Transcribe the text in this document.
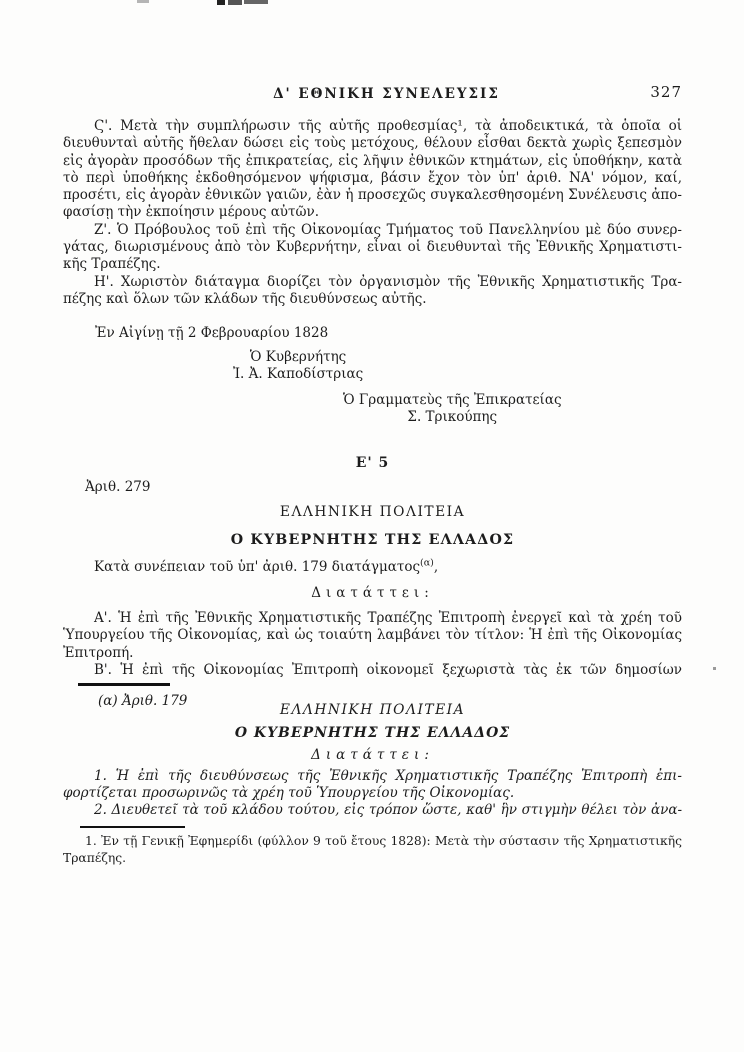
Δ' ΕΘΝΙΚΗ ΣΥΝΕΛΕΥΣΙΣ	327
Ϛ'. Μετὰ τὴν συμπλήρωσιν τῆς αὐτῆς προθεσμίας¹, τὰ ἀποδεικτικά, τὰ ὁποῖα οἱ
διευθυνταὶ αὐτῆς ἤθελαν δώσει εἰς τοὺς μετόχους, θέλουν εἶσθαι δεκτὰ χωρὶς ξεπεσμὸν
εἰς ἀγορὰν προσόδων τῆς ἐπικρατείας, εἰς λῆψιν ἐθνικῶν κτημάτων, εἰς ὑποθήκην, κατὰ
τὸ περὶ ὑποθήκης ἐκδοθησόμενον ψήφισμα, βάσιν ἔχον τὸν ὑπ' ἀριθ. ΝΑ' νόμον, καί,
προσέτι, εἰς ἀγορὰν ἐθνικῶν γαιῶν, ἐὰν ἡ προσεχῶς συγκαλεσθησομένη Συνέλευσις ἀπο-
φασίσῃ τὴν ἐκποίησιν μέρους αὐτῶν.
Ζ'. Ὁ Πρόβουλος τοῦ ἐπὶ τῆς Οἰκονομίας Τμήματος τοῦ Πανελληνίου μὲ δύο συνερ-
γάτας, διωρισμένους ἀπὸ τὸν Κυβερνήτην, εἶναι οἱ διευθυνταὶ τῆς Ἐθνικῆς Χρηματιστι-
κῆς Τραπέζης.
Η'. Χωριστὸν διάταγμα διορίζει τὸν ὀργανισμὸν τῆς Ἐθνικῆς Χρηματιστικῆς Τρα-
πέζης καὶ ὅλων τῶν κλάδων τῆς διευθύνσεως αὐτῆς.
Ἐν Αἰγίνῃ τῇ 2 Φεβρουαρίου 1828
Ὁ Κυβερνήτης
Ἰ. Ἀ. Καποδίστριας
Ὁ Γραμματεὺς τῆς Ἐπικρατείας
Σ. Τρικούπης
Ε' 5
Ἀριθ. 279
ΕΛΛΗΝΙΚΗ ΠΟΛΙΤΕΙΑ
Ο ΚΥΒΕΡΝΗΤΗΣ ΤΗΣ ΕΛΛΑΔΟΣ
Κατὰ συνέπειαν τοῦ ὑπ' ἀριθ. 179 διατάγματος$^{(\alpha)}$,
Διατάττει:
Α'. Ἡ ἐπὶ τῆς Ἐθνικῆς Χρηματιστικῆς Τραπέζης Ἐπιτροπὴ ἐνεργεῖ καὶ τὰ χρέη τοῦ
Ὑπουργείου τῆς Οἰκονομίας, καὶ ὡς τοιαύτη λαμβάνει τὸν τίτλον: Ἡ ἐπὶ τῆς Οἰκονομίας
Ἐπιτροπή.
Β'. Ἡ ἐπὶ τῆς Οἰκονομίας Ἐπιτροπὴ οἰκονομεῖ ξεχωριστὰ τὰς ἐκ τῶν δημοσίων
(α) Ἀριθ. 179
ΕΛΛΗΝΙΚΗ ΠΟΛΙΤΕΙΑ
Ο ΚΥΒΕΡΝΗΤΗΣ ΤΗΣ ΕΛΛΑΔΟΣ
Διατάττει:
1. Ἡ ἐπὶ τῆς διευθύνσεως τῆς Ἐθνικῆς Χρηματιστικῆς Τραπέζης Ἐπιτροπὴ ἐπι-
φορτίζεται προσωρινῶς τὰ χρέη τοῦ Ὑπουργείου τῆς Οἰκονομίας.
2. Διευθετεῖ τὰ τοῦ κλάδου τούτου, εἰς τρόπον ὥστε, καθ' ἣν στιγμὴν θέλει τὸν ἀνα-
1. Ἐν τῇ Γενικῇ Ἐφημερίδι (φύλλον 9 τοῦ ἔτους 1828): Μετὰ τὴν σύστασιν τῆς Χρηματιστικῆς
Τραπέζης.
